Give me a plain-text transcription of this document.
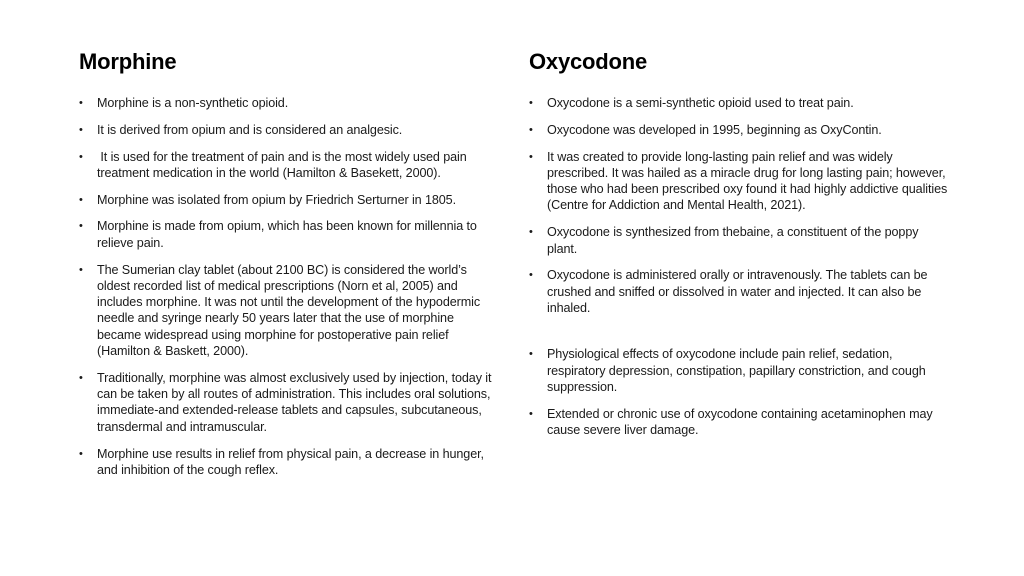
Morphine
• Morphine is a non-synthetic opioid.
• It is derived from opium and is considered an analgesic.
• It is used for the treatment of pain and is the most widely used pain treatment medication in the world (Hamilton & Basekett, 2000).
• Morphine was isolated from opium by Friedrich Serturner in 1805.
• Morphine is made from opium, which has been known for millennia to relieve pain.
• The Sumerian clay tablet (about 2100 BC) is considered the world’s oldest recorded list of medical prescriptions (Norn et al, 2005) and includes morphine. It was not until the development of the hypodermic needle and syringe nearly 50 years later that the use of morphine became widespread using morphine for postoperative pain relief (Hamilton & Baskett, 2000).
• Traditionally, morphine was almost exclusively used by injection, today it can be taken by all routes of administration. This includes oral solutions, immediate-and extended-release tablets and capsules, subcutaneous, transdermal and intramuscular.
• Morphine use results in relief from physical pain, a decrease in hunger, and inhibition of the cough reflex.
Oxycodone
• Oxycodone is a semi-synthetic opioid used to treat pain.
• Oxycodone was developed in 1995, beginning as OxyContin.
• It was created to provide long-lasting pain relief and was widely prescribed. It was hailed as a miracle drug for long lasting pain; however, those who had been prescribed oxy found it had highly addictive qualities (Centre for Addiction and Mental Health, 2021).
• Oxycodone is synthesized from thebaine, a constituent of the poppy plant.
• Oxycodone is administered orally or intravenously. The tablets can be crushed and sniffed or dissolved in water and injected. It can also be inhaled.
• Physiological effects of oxycodone include pain relief, sedation, respiratory depression, constipation, papillary constriction, and cough suppression.
• Extended or chronic use of oxycodone containing acetaminophen may cause severe liver damage.
